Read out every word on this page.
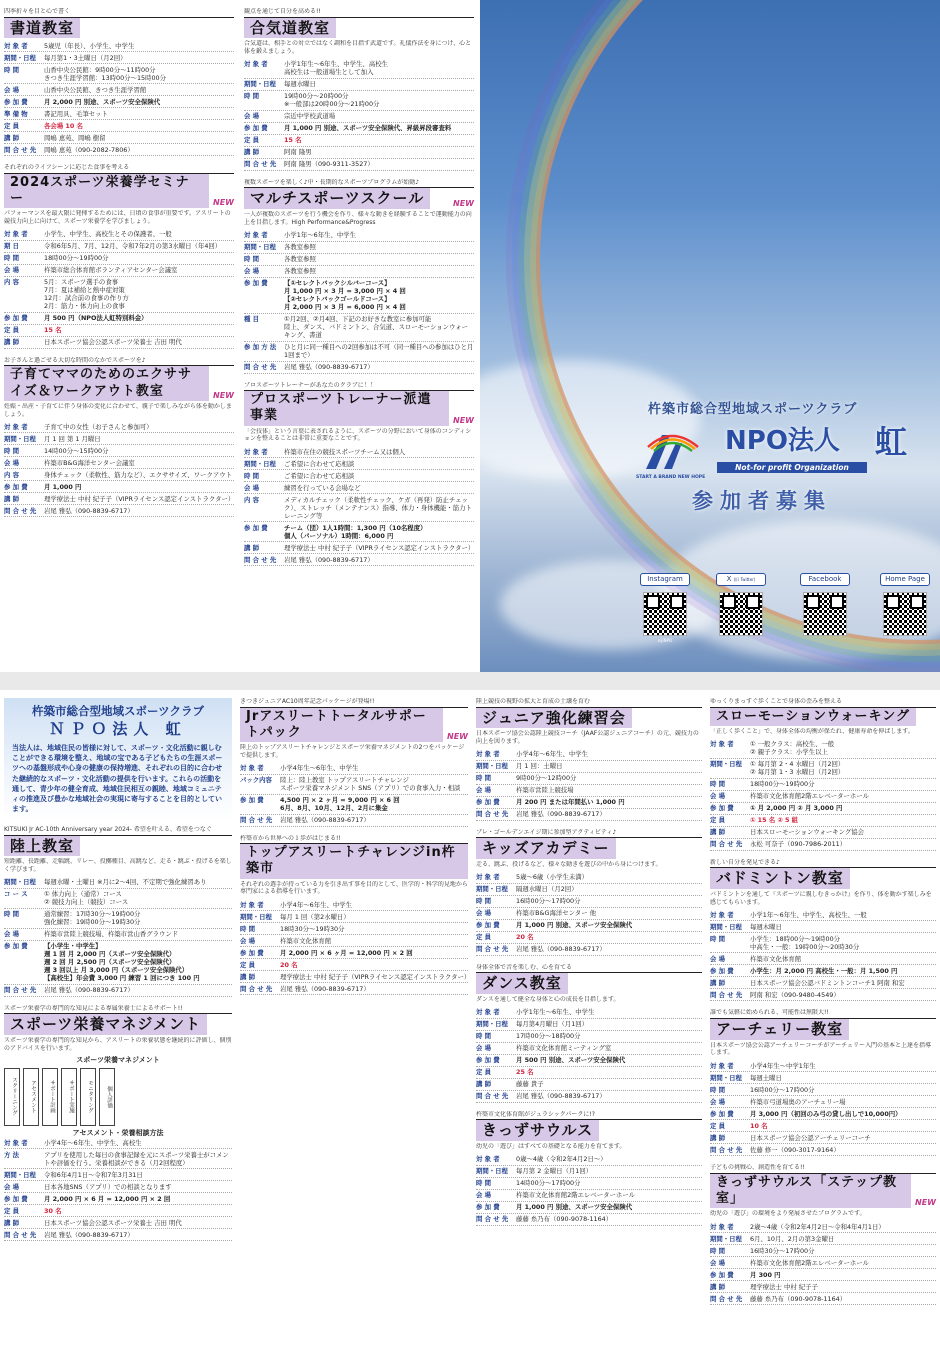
四季折々を目と心で書く
書道教室
対 象 者	5歳児（年長）、小学生、中学生
期間・日程	毎月第1・3土曜日（月2回）
時 間	山香中央公民館：9時00分〜11時00分
きつき生涯学習館：13時00分〜15時00分
会 場	山香中央公民館、きつき生涯学習館
参 加 費	月 2,000 円 別途、スポーツ安全保険代
準 備 物	書記用具、毛筆セット
定 員	各会場 10 名
講 師	岡嶋 恵苑、岡嶋 樹留
問 合 せ 先	岡嶋 恵苑（090-2082-7806）
それぞれのライフシーンに応じた食事を考える
2024スポーツ栄養学セミナー	NEW
パフォーマンスを最大限に発揮するためには、日頃の食事が重要です。アスリートの競技力向上に向けて、スポーツ栄養学を学びましょう。
対 象 者	小学生、中学生、高校生とその保護者、一般
期 日	令和6年5月、7月、12月、令和7年2月の第3水曜日（年4回）
時 間	18時00分〜19時00分
会 場	杵築市総合体育館ボランティアセンター会議室
内 容	5月：スポーツ選手の食事
7月：夏は補給と熱中症対策
12月：試合前の食事の作り方
2月：筋力・体力向上の食事
参 加 費	月 500 円（NPO法人虹特別料金）
定 員	15 名
講 師	日本スポーツ協会公認スポーツ栄養士 吉田 明代
お子さんと過ごせる大切な時間のなかでスポーツを♪
子育てママのためのエクササイズ＆ワークアウト教室	NEW
妊娠・出産・子育てに伴う身体の変化に合わせて、親子で楽しみながら体を動かしましょう。
対 象 者	子育て中の女性（お子さんと参加可）
期間・日程	月 1 回 第 1 月曜日
時 間	14時00分〜15時00分
会 場	杵築市B&G海洋センター会議室
内 容	身体チェック（柔軟性、筋力など）、エクササイズ、ワークアウト
参 加 費	月 1,000 円
講 師	理学療法士 中村 紀子子（VIPRライセンス認定インストラクター）
問 合 せ 先	岩尾 雅弘（090-8839-6717）
観点を通じて自分を高める!!
合気道教室
合気道は、相手との対立ではなく調和を目指す武道です。礼儀作法を身につけ、心と体を鍛えましょう。
対 象 者	小学1年生〜6年生、中学生、高校生
高校生は一般道場生として加入
期間・日程	毎週水曜日
時 間	19時00分〜20時00分
※一般部は20時00分〜21時00分
会 場	宗近中学校武道場
参 加 費	月 1,000 円 別途、スポーツ安全保険代、昇級昇段審査料
定 員	15 名
講 師	阿南 隆男
問 合 せ 先	阿南 隆男（090-9311-3527）
複数スポーツを楽しく♪中・長期的なスポーツプログラムが始動♪
マルチスポーツスクール	NEW
一人が複数のスポーツを行う機会を作り、様々な動きを経験することで運動能力の向上を目指します。High Performance&Progress
対 象 者	小学1年〜6年生、中学生
期間・日程	各教室参照
時 間	各教室参照
会 場	各教室参照
参 加 費	【①セレクトバックシルバーコース】
月 1,000 円 × 3 月 = 3,000 円 × 4 回
【②セレクトバックゴールドコース】
月 2,000 円 × 3 月 = 6,000 円 × 4 回
種 目	①月2回、②月4回、下記のお好きな教室に参加可能
陸上、ダンス、バドミントン、合気道、スローモーションウォーキング、書道
参 加 方 法	ひと月に同一種目への2回参加は不可（同一種目への参加はひと月1回まで）
問 合 せ 先	岩尾 雅弘（090-8839-6717）
プロスポーツトレーナーがあなたのクラブに！！
プロスポーツトレーナー派遣事業	NEW
「会技体」という言葉に表されるように、スポーツの分野において身体のコンディションを整えることは非常に重要なことです。
対 象 者	杵築市在住の競技スポーツチーム又は個人
期間・日程	ご希望に合わせて応相談
時 間	ご希望に合わせて応相談
会 場	練習を行っている会場など
内 容	メディカルチェック（柔軟性チェック、ケガ（再発）防止チェック）、ストレッチ（メンテナンス）指導、体力・身体機能・筋力トレーニング等
参 加 費	チーム（団）1人1時間：1,300 円（10名程度）
個人（パーソナル）1時間：6,000 円
講 師	理学療法士 中村 紀子子（VIPRライセンス認定インストラクター）
問 合 せ 先	岩尾 雅弘（090-8839-6717）
杵築市総合型地域スポーツクラブ
START A BRAND NEW HOPE
NPO法人 虹
Not-for profit Organization
参加者募集
Instagram
nijiNPO
X (旧 Twitter)	Facebook	Home Page
杵築市総合型地域スポーツクラブ
ＮＰＯ法人 虹

当法人は、地域住民の皆様に対して、スポーツ・文化活動に親しむことができる環境を整え、地域の宝である子どもたちの生涯スポーツへの基盤形成や心身の健康の保持増進、それぞれの目的に合わせた継続的なスポーツ・文化活動の提供を行います。これらの活動を通して、青少年の健全育成、地域住民相互の親睦、地域コミュニティの推進及び豊かな地域社会の実現に寄与することを目的としています。

KITSUKI Jr AC-10th Anniversary year 2024- 希望を叶える、希望をつなぐ
陸上教室
短距離、長距離、走幅跳、リレー、投擲種目、高跳など、走る・跳ぶ・投げるを楽しく学びます。
期間・日程	毎週水曜・土曜日 ※月に2〜4回、不定期で強化練習あり
コ ー ス	① 体力向上（通常）コース
② 競技力向上（競技）コース
時 間	通常練習：17時30分〜19時00分
強化練習：19時00分〜19時30分
会 場	杵築市営陸上競技場、杵築市営山香グラウンド
参 加 費	【小学生・中学生】
週 1 回 月 2,000 円（スポーツ安全保険代）
週 2 回 月 2,500 円（スポーツ安全保険代）
週 3 回以上 月 3,000 円（スポーツ安全保険代）
【高校生】年会費 3,000 円 練習 1 回につき 100 円
問 合 せ 先	岩尾 雅弘（090-8839-6717）
スポーツ栄養学の専門的な知見による専属栄養士によるサポート!!
スポーツ栄養マネジメント
スポーツ栄養学の専門的な知見から、アスリートの栄養状態を継続的に評価し、個別のアドバイスを行います。
スポーツ栄養マネジメント
スクリーニング	アセスメント	サポート計画	サポート実施	モニタリング	個人評価
アセスメント・栄養相談方法
対 象 者	小学4年〜6年生、中学生、高校生
方 法	アプリを使用した毎日の食事記録を元にスポーツ栄養士がコメントや評価を行う。栄養相談ができる（月2回程度）
期間・日程	令和6年4月1日〜令和7年3月31日
会 場	日本各地SNS（アプリ）での相談となります
参 加 費	月 2,000 円 × 6 月 = 12,000 円 × 2 回
定 員	30 名
講 師	日本スポーツ協会公認スポーツ栄養士 吉田 明代
問 合 せ 先	岩尾 雅弘（090-8839-6717）
きつきジュニアAC10周年記念パッケージが登場!!
Jrアスリートトータルサポートパック	NEW
陸上のトップアスリートチャレンジとスポーツ栄養マネジメントの2つをパッケージで提供します。
対 象 者	小学4年生〜6年生、中学生
パック内容	陸上：陸上教室 トップアスリートチャレンジ
スポーツ栄養マネジメント SNS（アプリ）での食事入力・相談
参 加 費	4,500 円 × 2 ヶ月 = 9,000 円 × 6 回
6月、8月、10月、12月、2月に集金
問 合 せ 先	岩尾 雅弘（090-8839-6717）
杵築市から世界への１歩がはじまる!!
トップアスリートチャレンジin杵築市
それぞれの選手が持っている力を引き出す事を目的として、医学的・科学的見地から専門家による指導を行います。
対 象 者	小学4年〜6年生、中学生
期間・日程	毎月 1 回（第2水曜日）
時 間	18時30分〜19時30分
会 場	杵築市文化体育館
参 加 費	月 2,000 円 × 6 ヶ月 = 12,000 円 × 2 回
定 員	20 名
講 師	理学療法士 中村 紀子子（VIPRライセンス認定インストラクター）
問 合 せ 先	岩尾 雅弘（090-8839-6717）
陸上競技の視野の拡大と育成の土壌を育む
ジュニア強化練習会
日本スポーツ協会公認陸上競技コーチ（JAAF公認ジュニアコーチ）の元、競技力の向上を図ります。
対 象 者	小学4年〜6年生、中学生
期間・日程	月 1 回：土曜日
時 間	9時00分〜12時00分
会 場	杵築市営陸上競技場
参 加 費	月 200 円 または年間払い 1,000 円
問 合 せ 先	岩尾 雅弘（090-8839-6717）
プレ・ゴールデンエイジ期に参加型アクティビティ♪
キッズアカデミー
走る、跳ぶ、投げるなど、様々な動きを遊びの中から身につけます。
対 象 者	5歳〜6歳（小学生未満）
期間・日程	隔週水曜日（月2回）
時 間	16時00分〜17時00分
会 場	杵築市B&G海洋センター 他
参 加 費	月 1,000 円 別途、スポーツ安全保険代
定 員	20 名
問 合 せ 先	岩尾 雅弘（090-8839-6717）
身体全体で音を楽しむ、心を育てる
ダンス教室
ダンスを通して健全な身体と心の成長を目指します。
対 象 者	小学1年生〜6年生、中学生
期間・日程	毎月第4月曜日（月1回）
時 間	17時00分〜18時00分
会 場	杵築市文化体育館ミーティング室
参 加 費	月 500 円 別途、スポーツ安全保険代
定 員	25 名
講 師	藤藤 貴子
問 合 せ 先	岩尾 雅弘（090-8839-6717）
杵築市文化体育館がジュラシックパークに!?
きっずサウルス
幼児の「遊び」はすべての基礎となる能力を育てます。
対 象 者	0歳〜4歳（令和2年4月2日〜）
期間・日程	毎月第 2 金曜日（月1回）
時 間	14時00分〜17時00分
会 場	杵築市文化体育館2階エレベーターホール
参 加 費	月 1,000 円 別途、スポーツ安全保険代
問 合 せ 先	藤藤 糸乃布（090-9078-1164）
ゆっくりまっすぐ歩くことで身体の歪みを整える
スローモーションウォーキング
「正しく歩くこと」で、身体全体の均衡が保たれ、健康寿命を伸ばします。
対 象 者	① 一般クラス：高校生、一般
② 親子クラス：小学生以上
期間・日程	① 毎月第 2・4 水曜日（月2回）
② 毎月第 1・3 水曜日（月2回）
時 間	18時00分〜19時00分
会 場	杵築市文化体育館2階エレベーターホール
参 加 費	① 月 2,000 円 ② 月 3,000 円
定 員	① 15 名 ② 5 組
講 師	日本スローモーションウォーキング協会
問 合 せ 先	永松 可奈子（090-7986-2011）
新しい自分を発見できる♪
バドミントン教室
バドミントンを通して『スポーツに親しむきっかけ』を作り、体を動かす楽しみを感じてもらいます。
対 象 者	小学1年〜6年生、中学生、高校生、一般
期間・日程	毎週木曜日
時 間	小学生：18時00分〜19時00分
中高生・一般：19時00分〜20時30分
会 場	杵築市文化体育館
参 加 費	小学生：月 2,000 円 高校生・一般：月 1,500 円
講 師	日本スポーツ協会公認バドミントンコーチ1 阿南 和宏
問 合 せ 先	阿南 和宏（090-9480-4549）
誰でも気軽に始められる、可能性は無限大!!
アーチェリー教室
日本スポーツ協会公認アーチェリーコーチがアーチェリー入門の基本と上達を指導します。
対 象 者	小学4年生〜中学1年生
期間・日程	毎週土曜日
時 間	16時00分〜17時00分
会 場	杵築市弓道場奥のアーチェリー場
参 加 費	月 3,000 円（初回のみ弓の貸し出しで10,000円）
定 員	10 名
講 師	日本スポーツ協会公認アーチェリーコーチ
問 合 せ 先	佐藤 修一（090-3017-9164）
子どもの挑戦心、創造性を育てる!!
きっずサウルス「ステップ教室」	NEW
幼児の「遊び」の環境をより発展させたプログラムです。
対 象 者	2歳〜4歳（令和2年4月2日〜令和4年4月1日）
期間・日程	6月、10月、2月の第3金曜日
時 間	16時30分〜17時00分
会 場	杵築市文化体育館2階エレベーターホール
参 加 費	月 300 円
講 師	理学療法士 中村 紀子子
問 合 せ 先	藤藤 糸乃布（090-9078-1164）
